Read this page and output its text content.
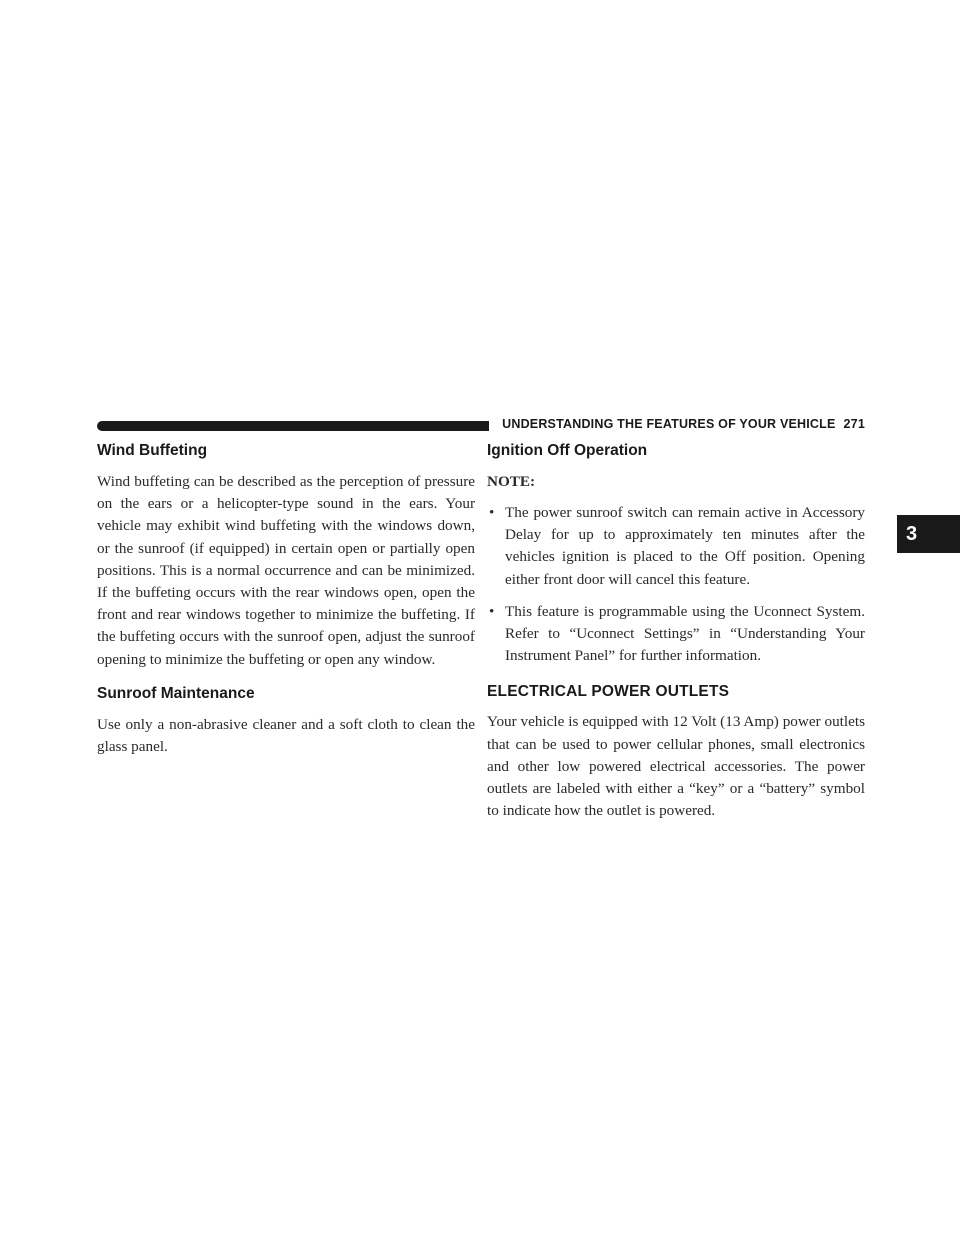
UNDERSTANDING THE FEATURES OF YOUR VEHICLE 271
3
Wind Buffeting

Wind buffeting can be described as the perception of pressure on the ears or a helicopter-type sound in the ears. Your vehicle may exhibit wind buffeting with the windows down, or the sunroof (if equipped) in certain open or partially open positions. This is a normal occurrence and can be minimized. If the buffeting occurs with the rear windows open, open the front and rear windows together to minimize the buffeting. If the buffeting occurs with the sunroof open, adjust the sunroof opening to minimize the buffeting or open any window.

Sunroof Maintenance

Use only a non-abrasive cleaner and a soft cloth to clean the glass panel.

Ignition Off Operation
NOTE:
• The power sunroof switch can remain active in Accessory Delay for up to approximately ten minutes after the vehicles ignition is placed to the Off position. Opening either front door will cancel this feature.
• This feature is programmable using the Uconnect System. Refer to “Uconnect Settings” in “Understanding Your Instrument Panel” for further information.
ELECTRICAL POWER OUTLETS

Your vehicle is equipped with 12 Volt (13 Amp) power outlets that can be used to power cellular phones, small electronics and other low powered electrical accessories. The power outlets are labeled with either a “key” or a “battery” symbol to indicate how the outlet is powered.
